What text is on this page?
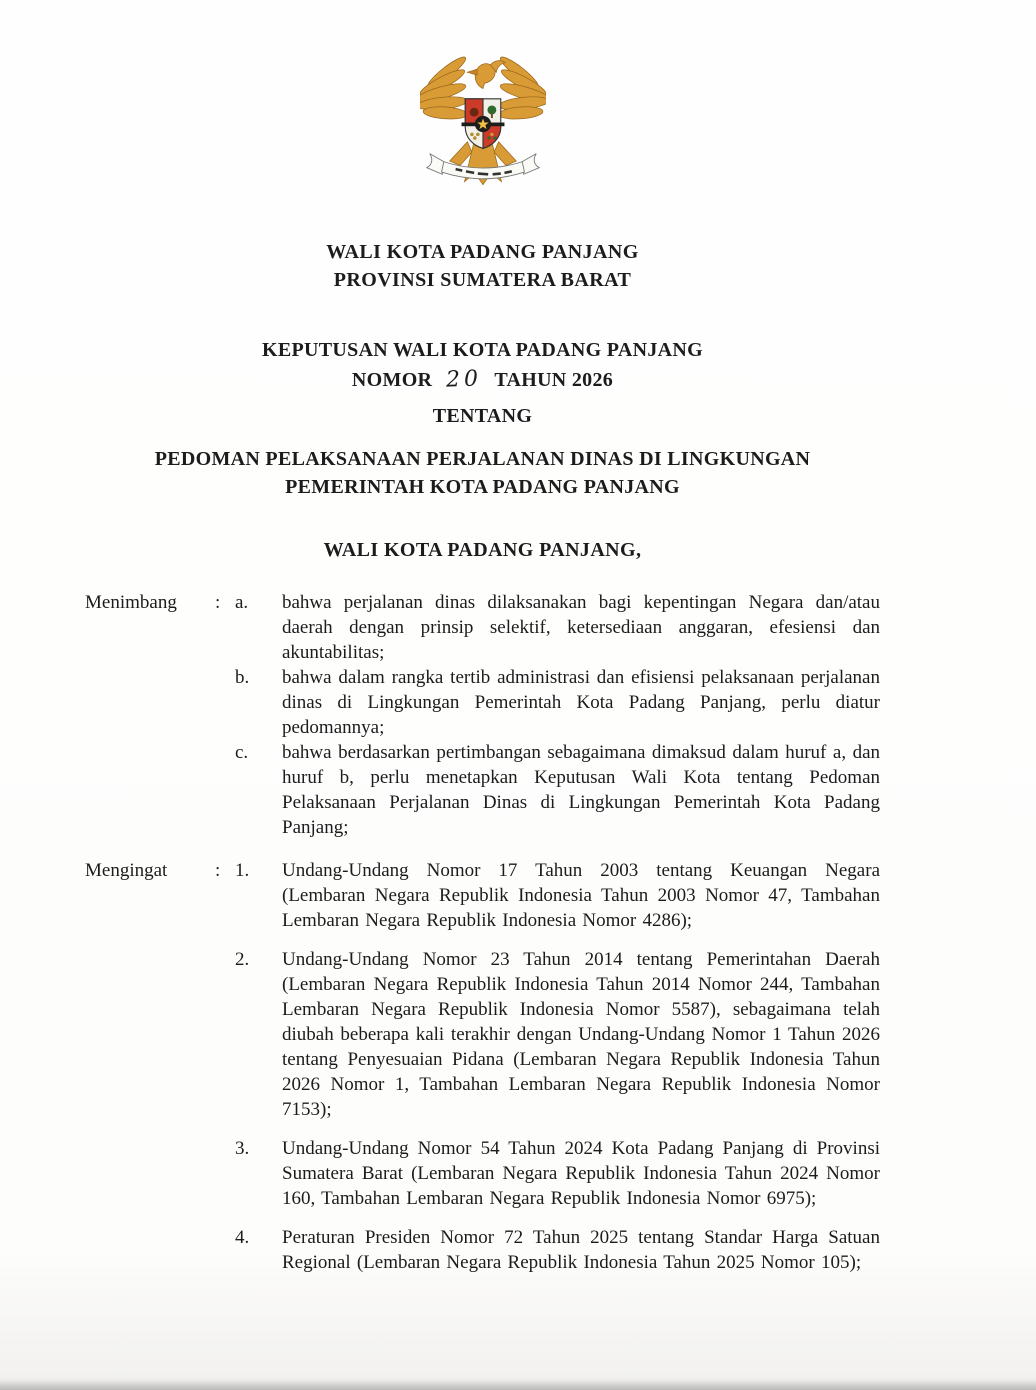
WALI KOTA PADANG PANJANG
PROVINSI SUMATERA BARAT
KEPUTUSAN WALI KOTA PADANG PANJANG
NOMOR 20 TAHUN 2026
TENTANG
PEDOMAN PELAKSANAAN PERJALANAN DINAS DI LINGKUNGAN
PEMERINTAH KOTA PADANG PANJANG
WALI KOTA PADANG PANJANG,
Menimbang	: a.	bahwa perjalanan dinas dilaksanakan bagi kepentingan Negara dan/atau daerah dengan prinsip selektif, ketersediaan anggaran, efesiensi dan akuntabilitas;
b.	bahwa dalam rangka tertib administrasi dan efisiensi pelaksanaan perjalanan dinas di Lingkungan Pemerintah Kota Padang Panjang, perlu diatur pedomannya;
c.	bahwa berdasarkan pertimbangan sebagaimana dimaksud dalam huruf a, dan huruf b, perlu menetapkan Keputusan Wali Kota tentang Pedoman Pelaksanaan Perjalanan Dinas di Lingkungan Pemerintah Kota Padang Panjang;
Mengingat	: 1.	Undang-Undang Nomor 17 Tahun 2003 tentang Keuangan Negara (Lembaran Negara Republik Indonesia Tahun 2003 Nomor 47, Tambahan Lembaran Negara Republik Indonesia Nomor 4286);
2.	Undang-Undang Nomor 23 Tahun 2014 tentang Pemerintahan Daerah (Lembaran Negara Republik Indonesia Tahun 2014 Nomor 244, Tambahan Lembaran Negara Republik Indonesia Nomor 5587), sebagaimana telah diubah beberapa kali terakhir dengan Undang-Undang Nomor 1 Tahun 2026 tentang Penyesuaian Pidana (Lembaran Negara Republik Indonesia Tahun 2026 Nomor 1, Tambahan Lembaran Negara Republik Indonesia Nomor 7153);
3.	Undang-Undang Nomor 54 Tahun 2024 Kota Padang Panjang di Provinsi Sumatera Barat (Lembaran Negara Republik Indonesia Tahun 2024 Nomor 160, Tambahan Lembaran Negara Republik Indonesia Nomor 6975);
4.	Peraturan Presiden Nomor 72 Tahun 2025 tentang Standar Harga Satuan Regional (Lembaran Negara Republik Indonesia Tahun 2025 Nomor 105);
